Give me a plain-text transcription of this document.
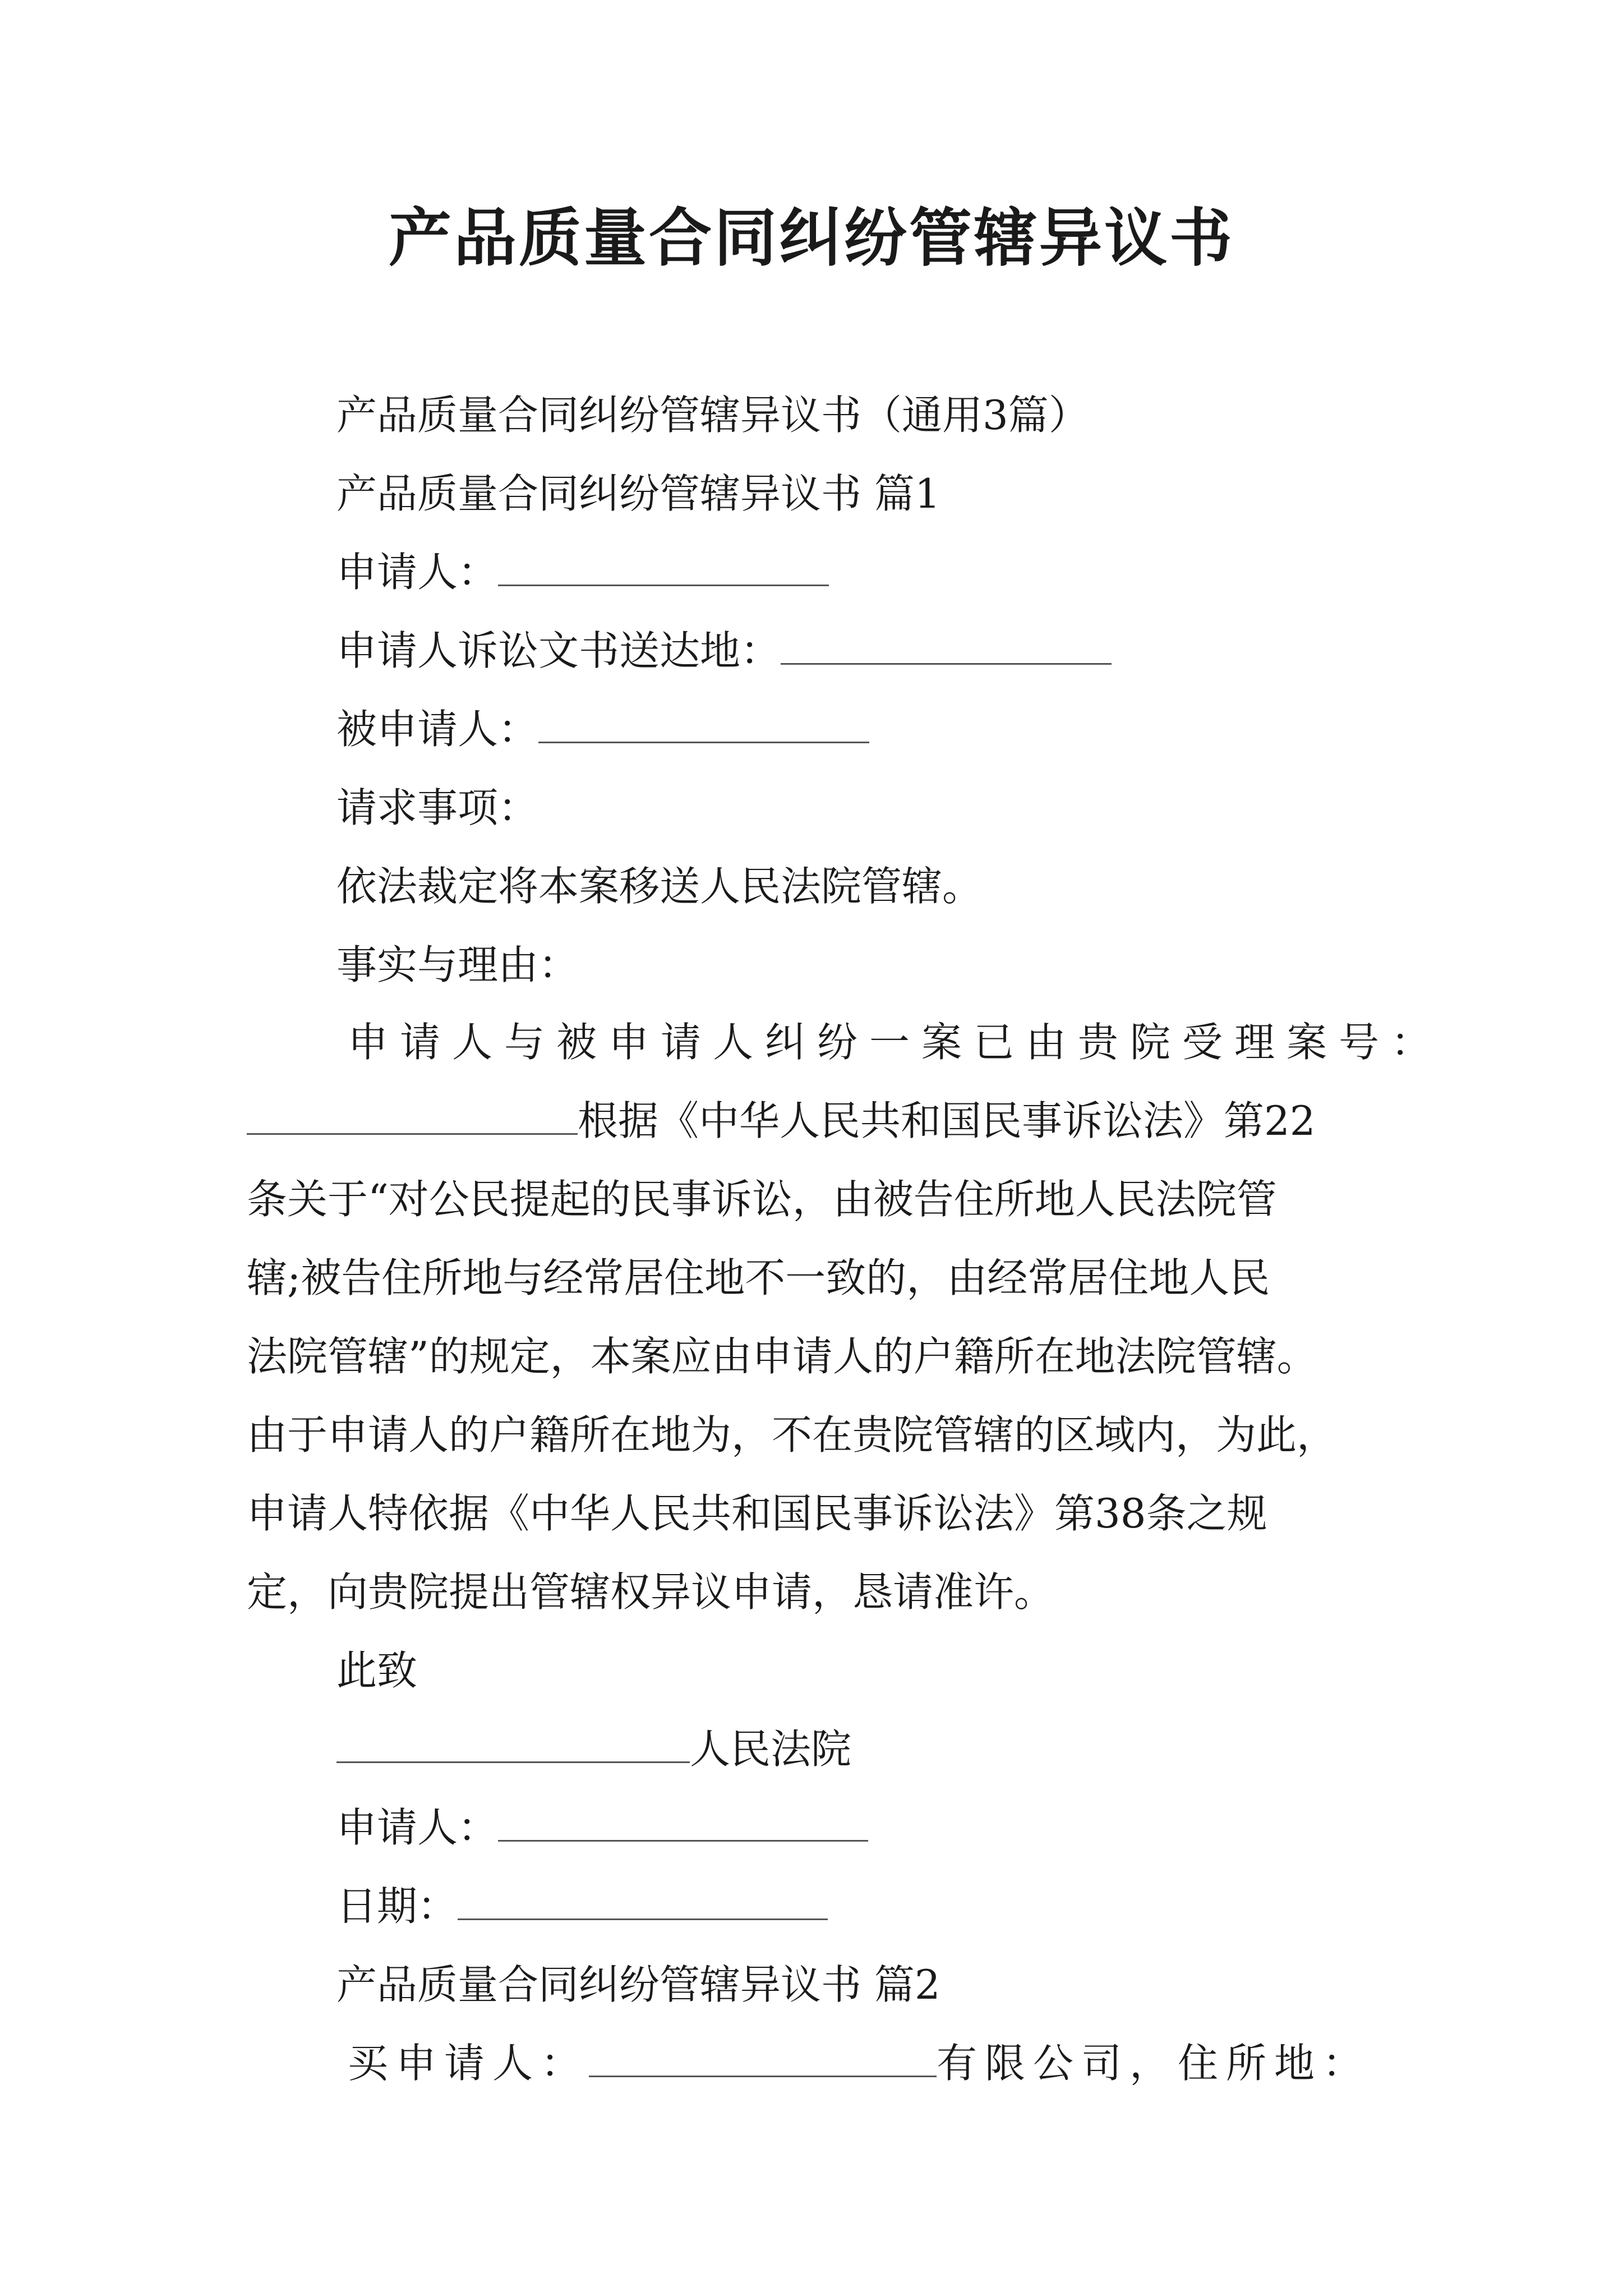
产品质量合同纠纷管辖异议书
产品质量合同纠纷管辖异议书（通用3篇）
产品质量合同纠纷管辖异议书 篇1
申请人：
申请人诉讼文书送达地：
被申请人：
请求事项：
依法裁定将本案移送人民法院管辖。
事实与理由：
申请人与被申请人纠纷一案已由贵院受理案号：
根据《中华人民共和国民事诉讼法》第22
条关于“对公民提起的民事诉讼，由被告住所地人民法院管
辖;被告住所地与经常居住地不一致的，由经常居住地人民
法院管辖”的规定，本案应由申请人的户籍所在地法院管辖。
由于申请人的户籍所在地为，不在贵院管辖的区域内，为此，
申请人特依据《中华人民共和国民事诉讼法》第38条之规
定，向贵院提出管辖权异议申请，恳请准许。
此致
人民法院
申请人：
日期：
产品质量合同纠纷管辖异议书 篇2
买申请人：	有限公司，住所地：
